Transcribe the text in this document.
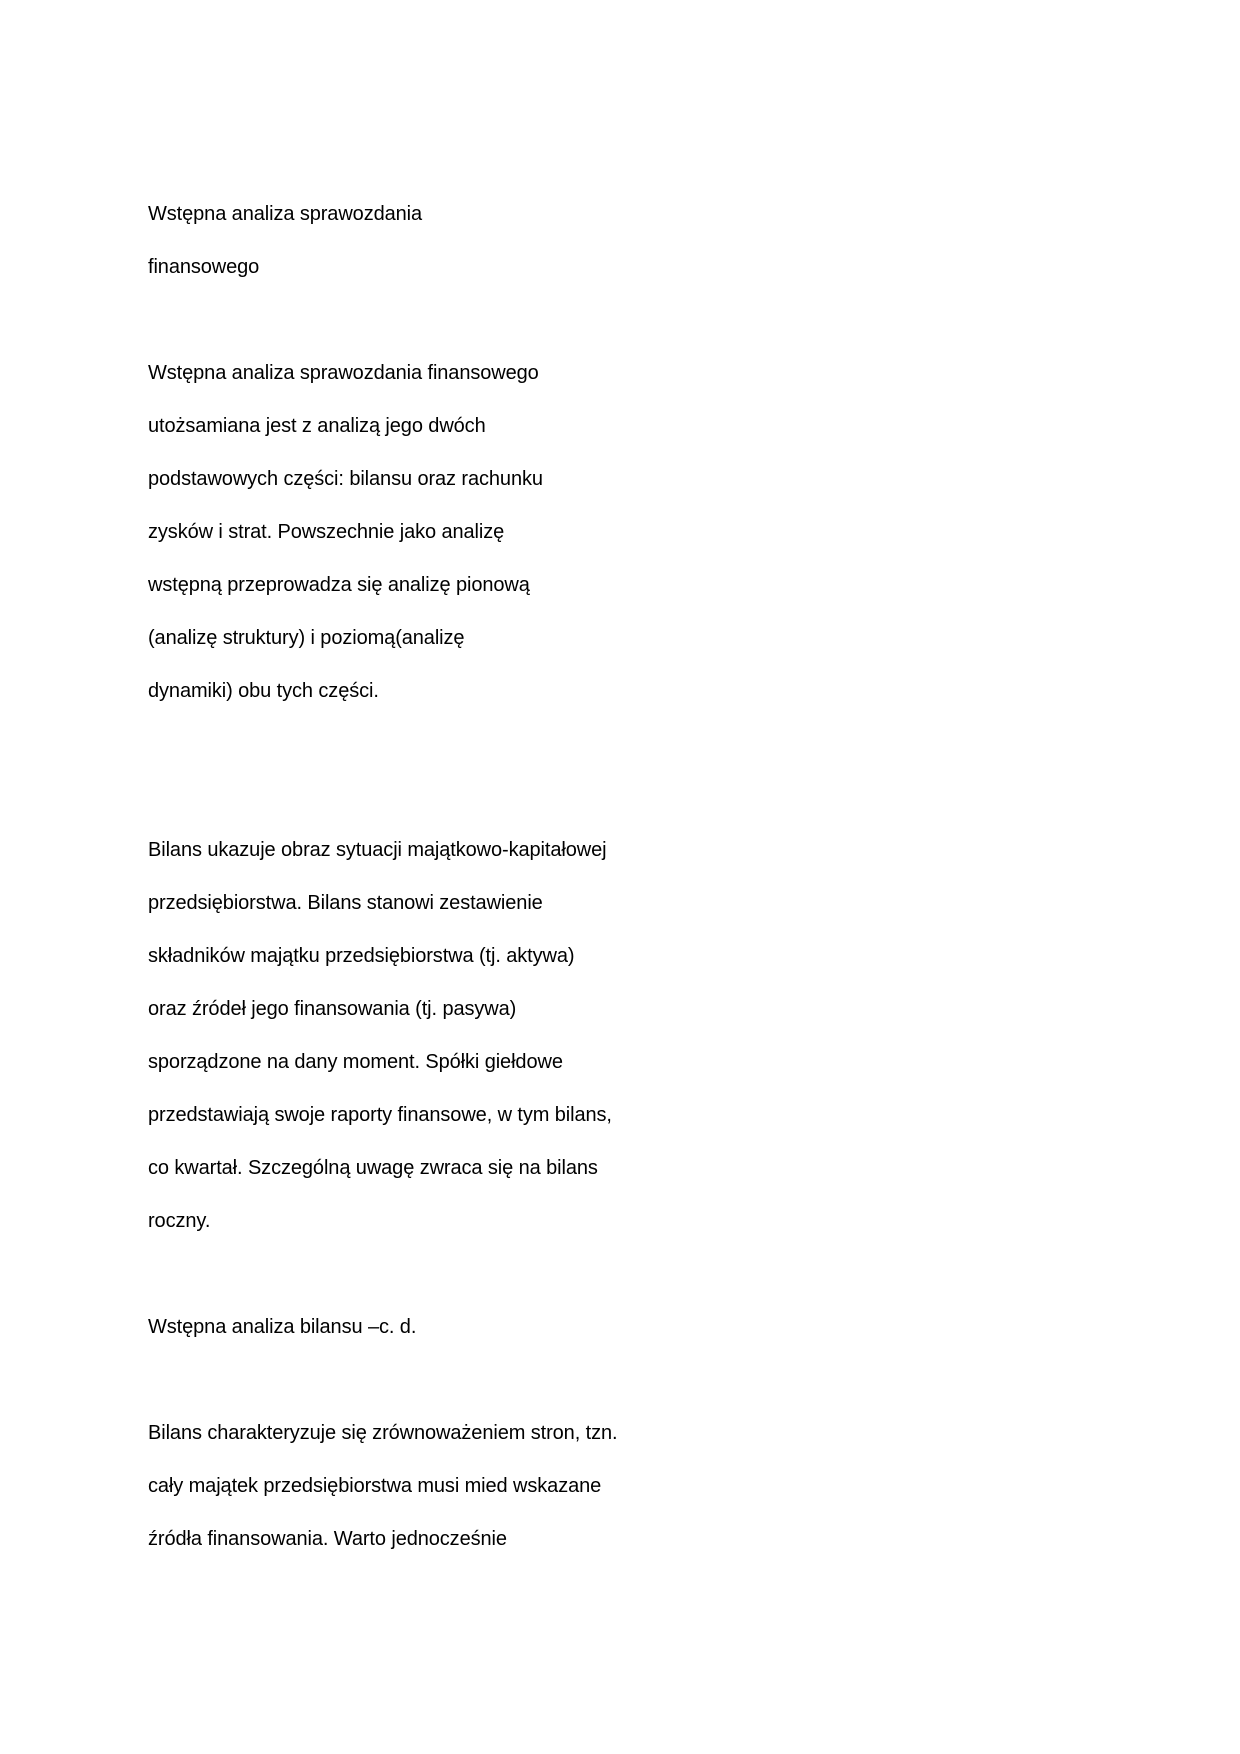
Wstępna analiza sprawozdania
finansowego
Wstępna analiza sprawozdania finansowego
utożsamiana jest z analizą jego dwóch
podstawowych części: bilansu oraz rachunku
zysków i strat. Powszechnie jako analizę
wstępną przeprowadza się analizę pionową
(analizę struktury) i poziomą(analizę
dynamiki) obu tych części.
Bilans ukazuje obraz sytuacji majątkowo-kapitałowej
przedsiębiorstwa. Bilans stanowi zestawienie
składników majątku przedsiębiorstwa (tj. aktywa)
oraz źródeł jego finansowania (tj. pasywa)
sporządzone na dany moment. Spółki giełdowe
przedstawiają swoje raporty finansowe, w tym bilans,
co kwartał. Szczególną uwagę zwraca się na bilans
roczny.
Wstępna analiza bilansu –c. d.
Bilans charakteryzuje się zrównoważeniem stron, tzn.
cały majątek przedsiębiorstwa musi mied wskazane
źródła finansowania. Warto jednocześnie
